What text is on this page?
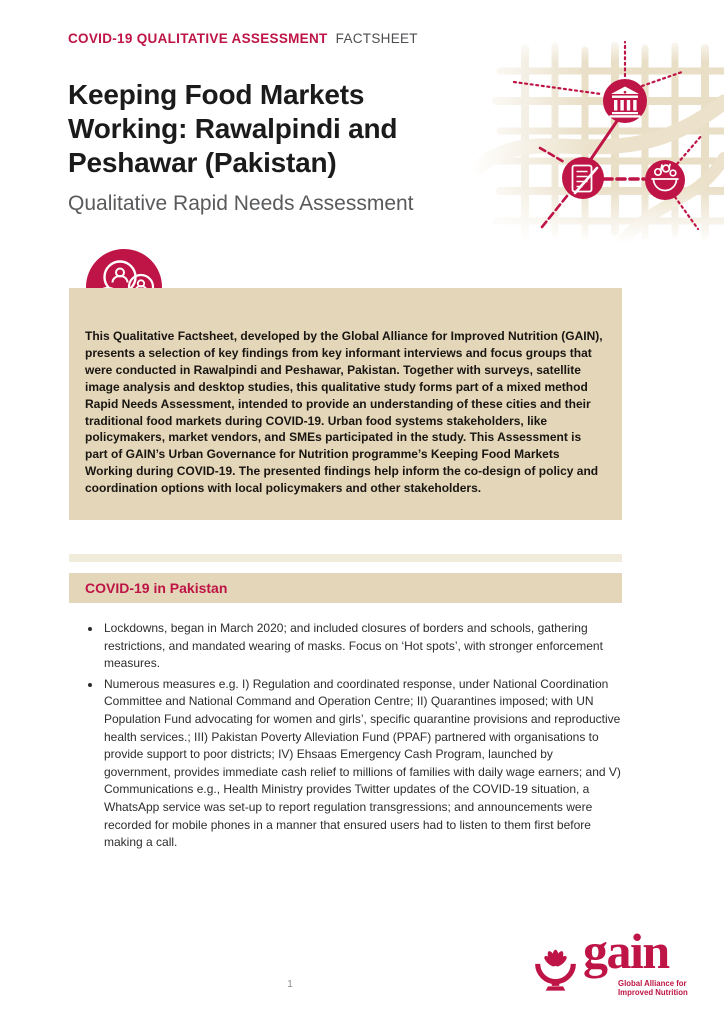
COVID-19 QUALITATIVE ASSESSMENT FACTSHEET
Keeping Food Markets Working: Rawalpindi and Peshawar (Pakistan)
Qualitative Rapid Needs Assessment

This Qualitative Factsheet, developed by the Global Alliance for Improved Nutrition (GAIN), presents a selection of key findings from key informant interviews and focus groups that were conducted in Rawalpindi and Peshawar, Pakistan. Together with surveys, satellite image analysis and desktop studies, this qualitative study forms part of a mixed method Rapid Needs Assessment, intended to provide an understanding of these cities and their traditional food markets during COVID-19. Urban food systems stakeholders, like policymakers, market vendors, and SMEs participated in the study. This Assessment is part of GAIN’s Urban Governance for Nutrition programme’s Keeping Food Markets Working during COVID-19. The presented findings help inform the co-design of policy and coordination options with local policymakers and other stakeholders.

COVID-19 in Pakistan
• Lockdowns, began in March 2020; and included closures of borders and schools, gathering restrictions, and mandated wearing of masks. Focus on ‘Hot spots’, with stronger enforcement measures.
• Numerous measures e.g. I) Regulation and coordinated response, under National Coordination Committee and National Command and Operation Centre; II) Quarantines imposed; with UN Population Fund advocating for women and girls’, specific quarantine provisions and reproductive health services.; III) Pakistan Poverty Alleviation Fund (PPAF) partnered with organisations to provide support to poor districts; IV) Ehsaas Emergency Cash Program, launched by government, provides immediate cash relief to millions of families with daily wage earners; and V) Communications e.g., Health Ministry provides Twitter updates of the COVID-19 situation, a WhatsApp service was set-up to report regulation transgressions; and announcements were recorded for mobile phones in a manner that ensured users had to listen to them first before making a call.
1
gain
Global Alliance for
Improved Nutrition
